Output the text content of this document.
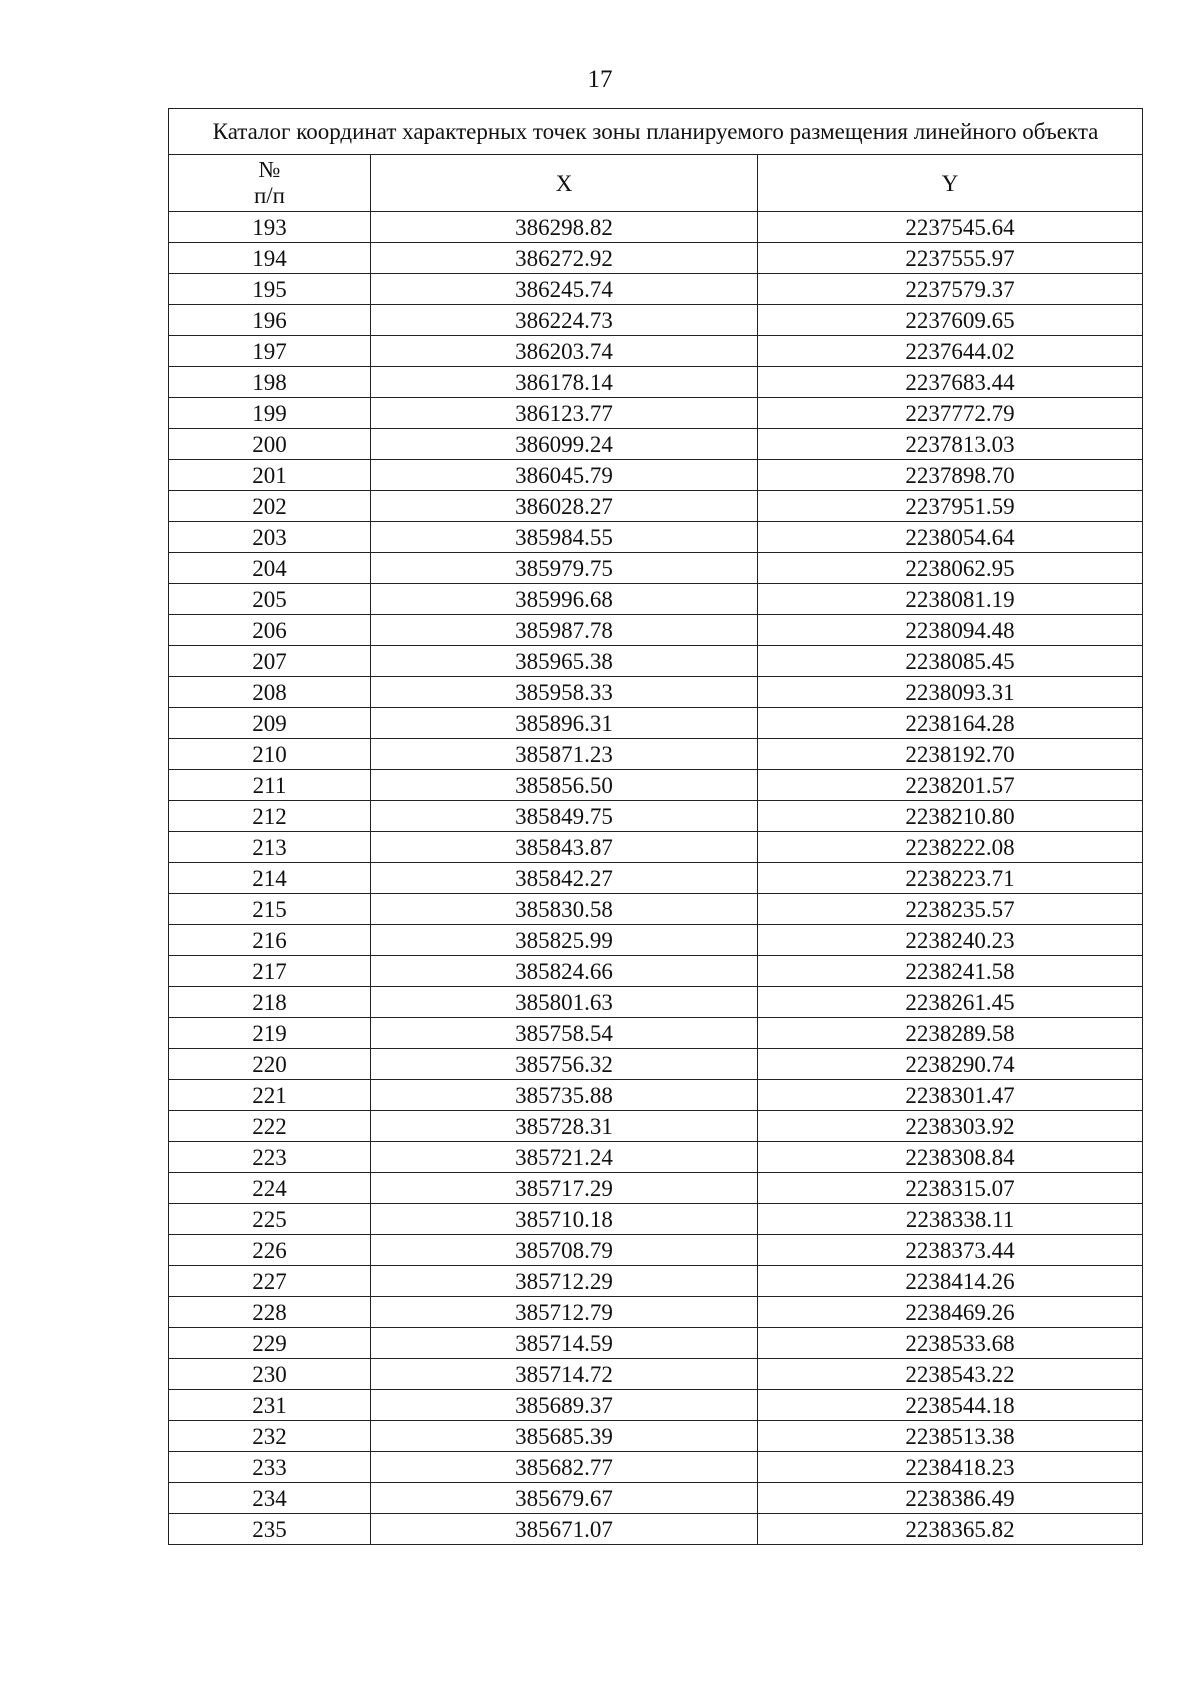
17
Каталог координат характерных точек зоны планируемого размещения линейного объекта		
№
п/п	X	Y
193	386298.82	2237545.64
194	386272.92	2237555.97
195	386245.74	2237579.37
196	386224.73	2237609.65
197	386203.74	2237644.02
198	386178.14	2237683.44
199	386123.77	2237772.79
200	386099.24	2237813.03
201	386045.79	2237898.70
202	386028.27	2237951.59
203	385984.55	2238054.64
204	385979.75	2238062.95
205	385996.68	2238081.19
206	385987.78	2238094.48
207	385965.38	2238085.45
208	385958.33	2238093.31
209	385896.31	2238164.28
210	385871.23	2238192.70
211	385856.50	2238201.57
212	385849.75	2238210.80
213	385843.87	2238222.08
214	385842.27	2238223.71
215	385830.58	2238235.57
216	385825.99	2238240.23
217	385824.66	2238241.58
218	385801.63	2238261.45
219	385758.54	2238289.58
220	385756.32	2238290.74
221	385735.88	2238301.47
222	385728.31	2238303.92
223	385721.24	2238308.84
224	385717.29	2238315.07
225	385710.18	2238338.11
226	385708.79	2238373.44
227	385712.29	2238414.26
228	385712.79	2238469.26
229	385714.59	2238533.68
230	385714.72	2238543.22
231	385689.37	2238544.18
232	385685.39	2238513.38
233	385682.77	2238418.23
234	385679.67	2238386.49
235	385671.07	2238365.82
